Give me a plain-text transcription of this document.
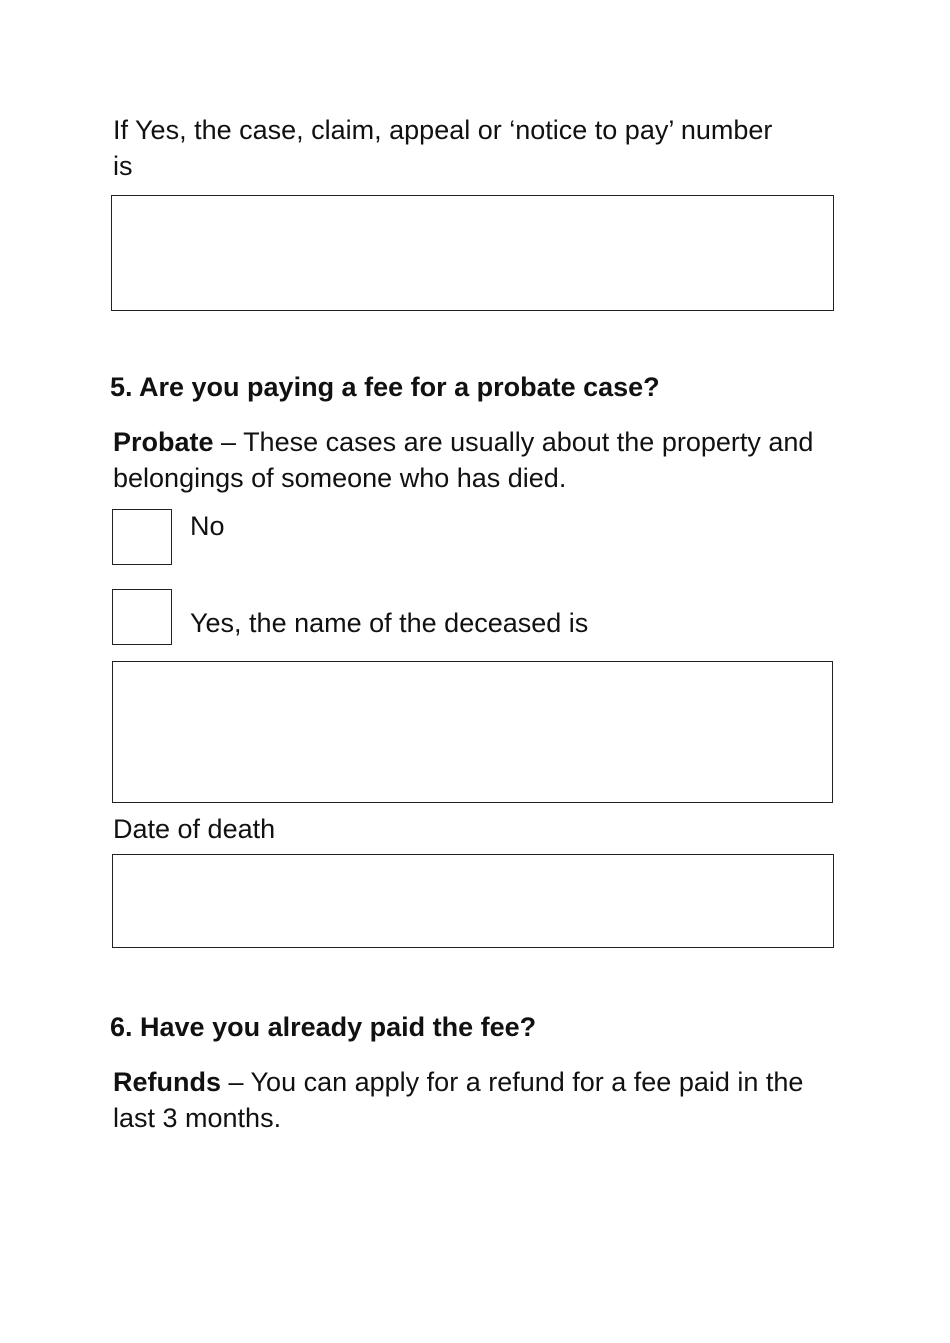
If Yes, the case, claim, appeal or ‘notice to pay’ number
is
5. Are you paying a fee for a probate case?
Probate – These cases are usually about the property and belongings of someone who has died.
No
Yes, the name of the deceased is
Date of death
6. Have you already paid the fee?
Refunds – You can apply for a refund for a fee paid in the last 3 months.
